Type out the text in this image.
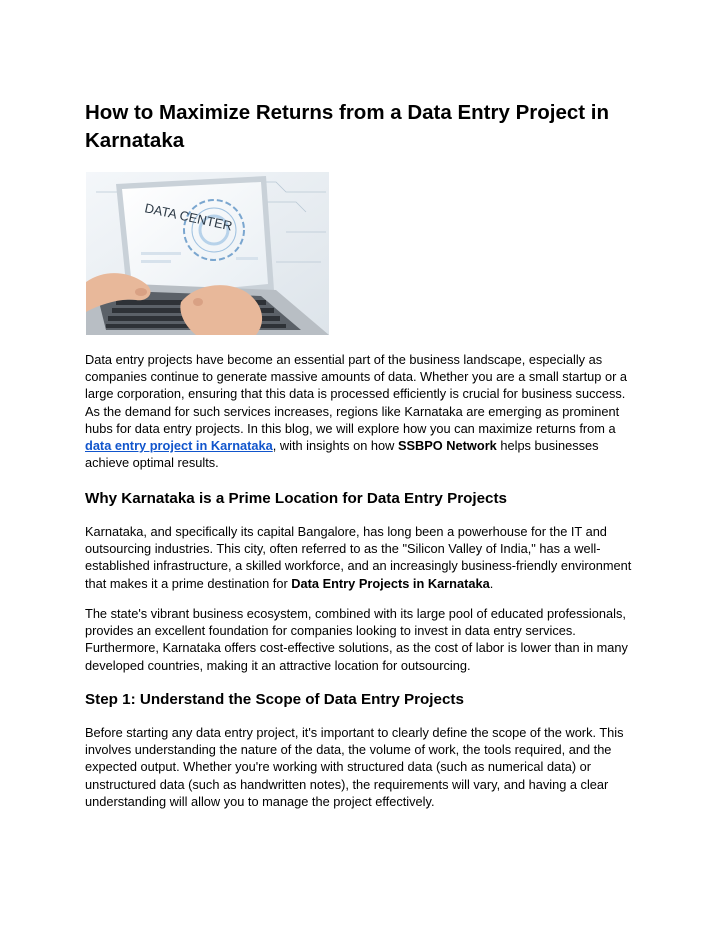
How to Maximize Returns from a Data Entry Project in Karnataka
DATA CENTER

Data entry projects have become an essential part of the business landscape, especially as companies continue to generate massive amounts of data. Whether you are a small startup or a large corporation, ensuring that this data is processed efficiently is crucial for business success. As the demand for such services increases, regions like Karnataka are emerging as prominent hubs for data entry projects. In this blog, we will explore how you can maximize returns from a data entry project in Karnataka, with insights on how SSBPO Network helps businesses achieve optimal results.

Why Karnataka is a Prime Location for Data Entry Projects

Karnataka, and specifically its capital Bangalore, has long been a powerhouse for the IT and outsourcing industries. This city, often referred to as the "Silicon Valley of India," has a well-established infrastructure, a skilled workforce, and an increasingly business-friendly environment that makes it a prime destination for Data Entry Projects in Karnataka.

The state's vibrant business ecosystem, combined with its large pool of educated professionals, provides an excellent foundation for companies looking to invest in data entry services. Furthermore, Karnataka offers cost-effective solutions, as the cost of labor is lower than in many developed countries, making it an attractive location for outsourcing.

Step 1: Understand the Scope of Data Entry Projects

Before starting any data entry project, it's important to clearly define the scope of the work. This involves understanding the nature of the data, the volume of work, the tools required, and the expected output. Whether you're working with structured data (such as numerical data) or unstructured data (such as handwritten notes), the requirements will vary, and having a clear understanding will allow you to manage the project effectively.
